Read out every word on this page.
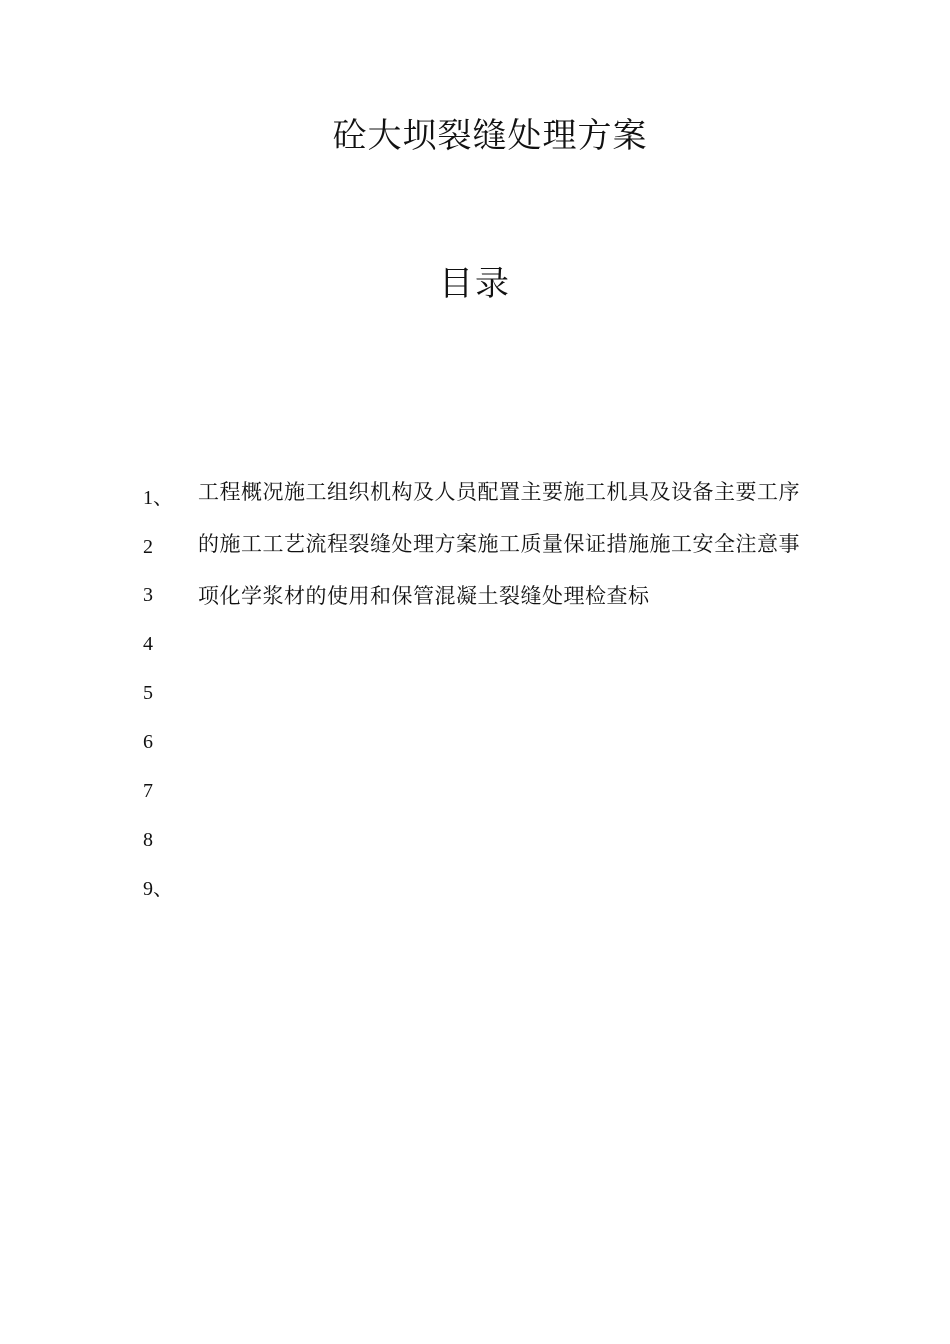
砼大坝裂缝处理方案
目录
1、
2
3
4
5
6
7
8
9、

工程概况施工组织机构及人员配置主要施工机具及设备主要工序的施工工艺流程裂缝处理方案施工质量保证措施施工安全注意事项化学浆材的使用和保管混凝土裂缝处理检查标
